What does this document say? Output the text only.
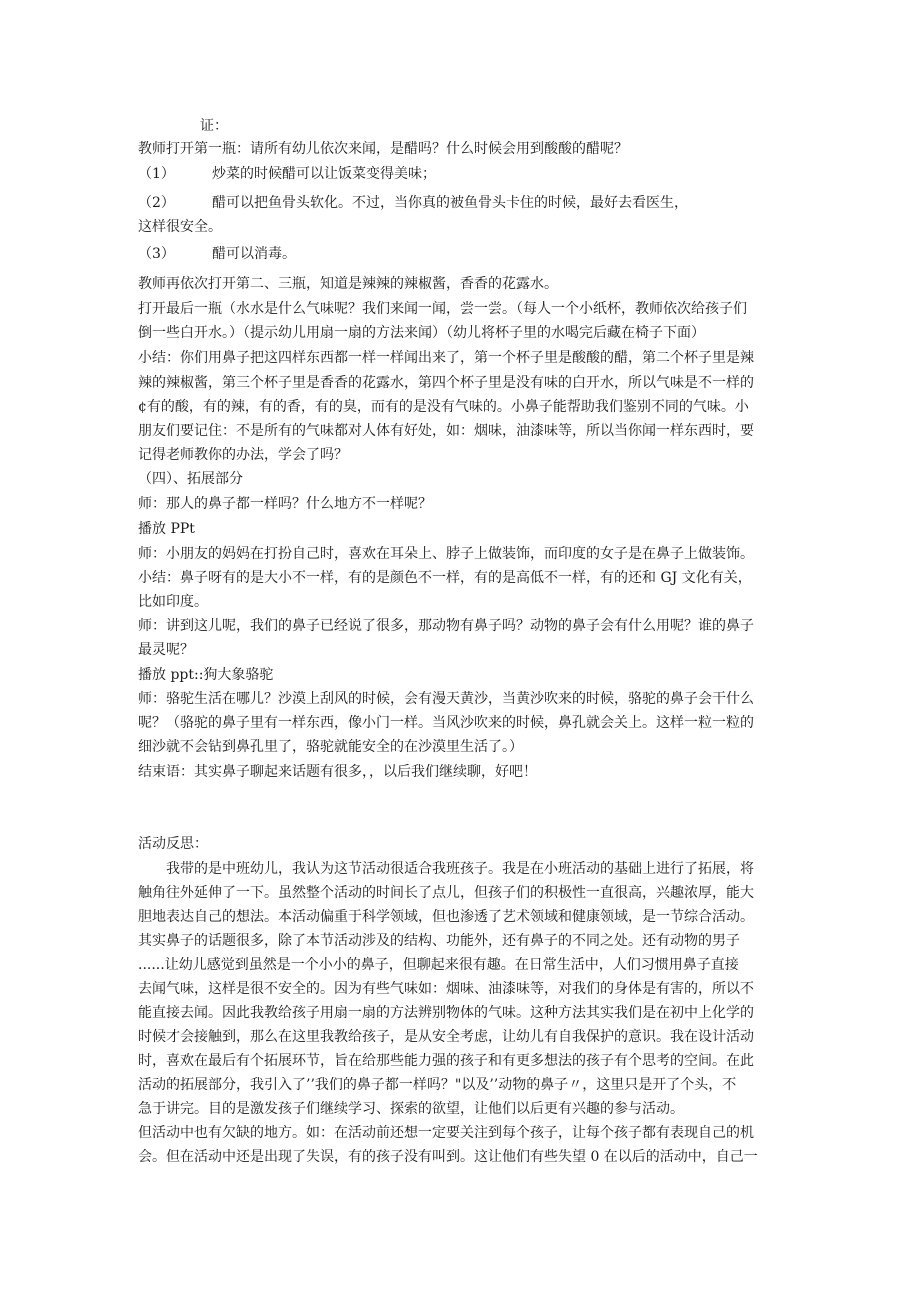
证：
教师打开第一瓶：请所有幼儿依次来闻，是醋吗？什么时候会用到酸酸的醋呢？
（1）	炒菜的时候醋可以让饭菜变得美味；
（2）	醋可以把鱼骨头软化。不过，当你真的被鱼骨头卡住的时候，最好去看医生，
这样很安全。
（3）	醋可以消毒。
教师再依次打开第二、三瓶，知道是辣辣的辣椒酱，香香的花露水。
打开最后一瓶（水水是什么气味呢？我们来闻一闻，尝一尝。（每人一个小纸杯，教师依次给孩子们
倒一些白开水。）（提示幼儿用扇一扇的方法来闻）（幼儿将杯子里的水喝完后藏在椅子下面）
小结：你们用鼻子把这四样东西都一样一样闻出来了，第一个杯子里是酸酸的醋，第二个杯子里是辣
辣的辣椒酱，第三个杯子里是香香的花露水，第四个杯子里是没有味的白开水，所以气味是不一样的
¢有的酸，有的辣，有的香，有的臭，而有的是没有气味的。小鼻子能帮助我们鉴别不同的气味。小
朋友们要记住：不是所有的气味都对人体有好处，如：烟味，油漆味等，所以当你闻一样东西时，要
记得老师教你的办法，学会了吗？
（四）、拓展部分
师：那人的鼻子都一样吗？什么地方不一样呢？
播放 PPt
师：小朋友的妈妈在打扮自己时，喜欢在耳朵上、脖子上做装饰，而印度的女子是在鼻子上做装饰。
小结：鼻子呀有的是大小不一样，有的是颜色不一样，有的是高低不一样，有的还和 GJ 文化有关，
比如印度。
师：讲到这儿呢，我们的鼻子已经说了很多，那动物有鼻子吗？动物的鼻子会有什么用呢？谁的鼻子
最灵呢？
播放 ppt::狗大象骆驼
师：骆驼生活在哪儿？沙漠上刮风的时候，会有漫天黄沙，当黄沙吹来的时候，骆驼的鼻子会干什么
呢？（骆驼的鼻子里有一样东西，像小门一样。当风沙吹来的时候，鼻孔就会关上。这样一粒一粒的
细沙就不会钻到鼻孔里了，骆驼就能安全的在沙漠里生活了。）
结束语：其实鼻子聊起来话题有很多，，以后我们继续聊，好吧！
活动反思：
　　我带的是中班幼儿，我认为这节活动很适合我班孩子。我是在小班活动的基础上进行了拓展，将
触角往外延伸了一下。虽然整个活动的时间长了点儿，但孩子们的积极性一直很高，兴趣浓厚，能大
胆地表达自己的想法。本活动偏重于科学领域，但也渗透了艺术领域和健康领域，是一节综合活动。
其实鼻子的话题很多，除了本节活动涉及的结构、功能外，还有鼻子的不同之处。还有动物的男子
......让幼儿感觉到虽然是一个小小的鼻子，但聊起来很有趣。在日常生活中，人们习惯用鼻子直接
去闻气味，这样是很不安全的。因为有些气味如：烟味、油漆味等，对我们的身体是有害的，所以不
能直接去闻。因此我教给孩子用扇一扇的方法辨别物体的气味。这种方法其实我们是在初中上化学的
时候才会接触到，那么在这里我教给孩子，是从安全考虑，让幼儿有自我保护的意识。我在设计活动
时，喜欢在最后有个拓展环节，旨在给那些能力强的孩子和有更多想法的孩子有个思考的空间。在此
活动的拓展部分，我引入了’’我们的鼻子都一样吗？"以及’’动物的鼻子〃，这里只是开了个头，不
急于讲完。目的是激发孩子们继续学习、探索的欲望，让他们以后更有兴趣的参与活动。
但活动中也有欠缺的地方。如：在活动前还想一定要关注到每个孩子，让每个孩子都有表现自己的机
会。但在活动中还是出现了失误，有的孩子没有叫到。这让他们有些失望 0 在以后的活动中，自己一
